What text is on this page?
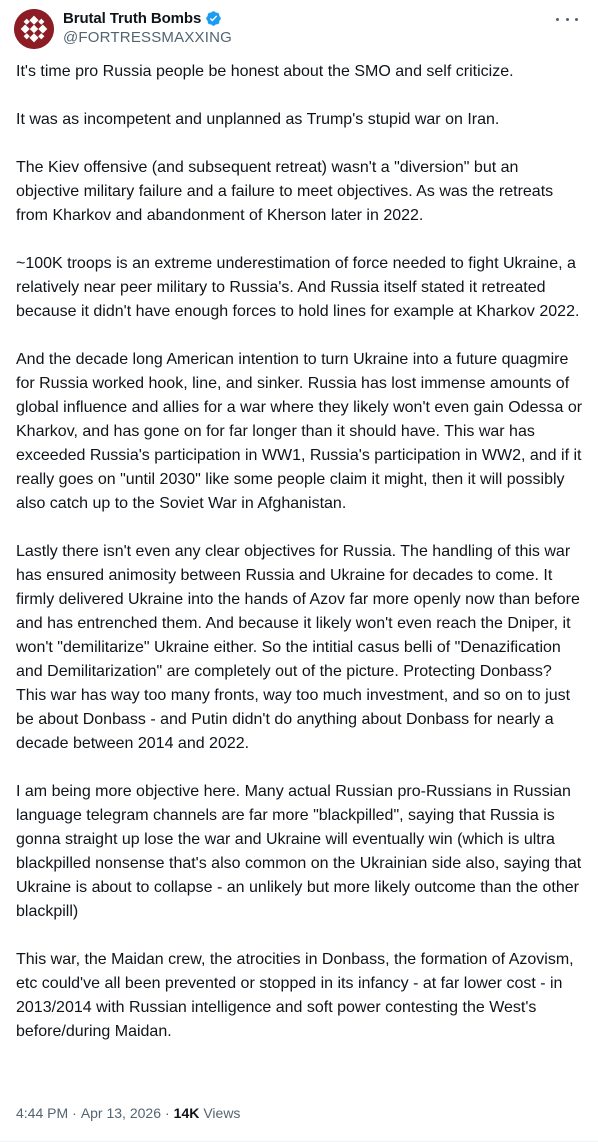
Brutal Truth Bombs
@FORTRESSMAXXING

It's time pro Russia people be honest about the SMO and self criticize.

It was as incompetent and unplanned as Trump's stupid war on Iran.

The Kiev offensive (and subsequent retreat) wasn't a "diversion" but an objective military failure and a failure to meet objectives. As was the retreats from Kharkov and abandonment of Kherson later in 2022.

~100K troops is an extreme underestimation of force needed to fight Ukraine, a relatively near peer military to Russia's. And Russia itself stated it retreated because it didn't have enough forces to hold lines for example at Kharkov 2022.

And the decade long American intention to turn Ukraine into a future quagmire for Russia worked hook, line, and sinker. Russia has lost immense amounts of global influence and allies for a war where they likely won't even gain Odessa or Kharkov, and has gone on for far longer than it should have. This war has exceeded Russia's participation in WW1, Russia's participation in WW2, and if it really goes on "until 2030" like some people claim it might, then it will possibly also catch up to the Soviet War in Afghanistan.

Lastly there isn't even any clear objectives for Russia. The handling of this war has ensured animosity between Russia and Ukraine for decades to come. It firmly delivered Ukraine into the hands of Azov far more openly now than before and has entrenched them. And because it likely won't even reach the Dniper, it won't "demilitarize" Ukraine either. So the intitial casus belli of "Denazification and Demilitarization" are completely out of the picture. Protecting Donbass? This war has way too many fronts, way too much investment, and so on to just be about Donbass - and Putin didn't do anything about Donbass for nearly a decade between 2014 and 2022.

I am being more objective here. Many actual Russian pro-Russians in Russian language telegram channels are far more "blackpilled", saying that Russia is gonna straight up lose the war and Ukraine will eventually win (which is ultra blackpilled nonsense that's also common on the Ukrainian side also, saying that Ukraine is about to collapse - an unlikely but more likely outcome than the other blackpill)

This war, the Maidan crew, the atrocities in Donbass, the formation of Azovism, etc could've all been prevented or stopped in its infancy - at far lower cost - in 2013/2014 with Russian intelligence and soft power contesting the West's before/during Maidan.

4:44 PM · Apr 13, 2026 · 14K Views
